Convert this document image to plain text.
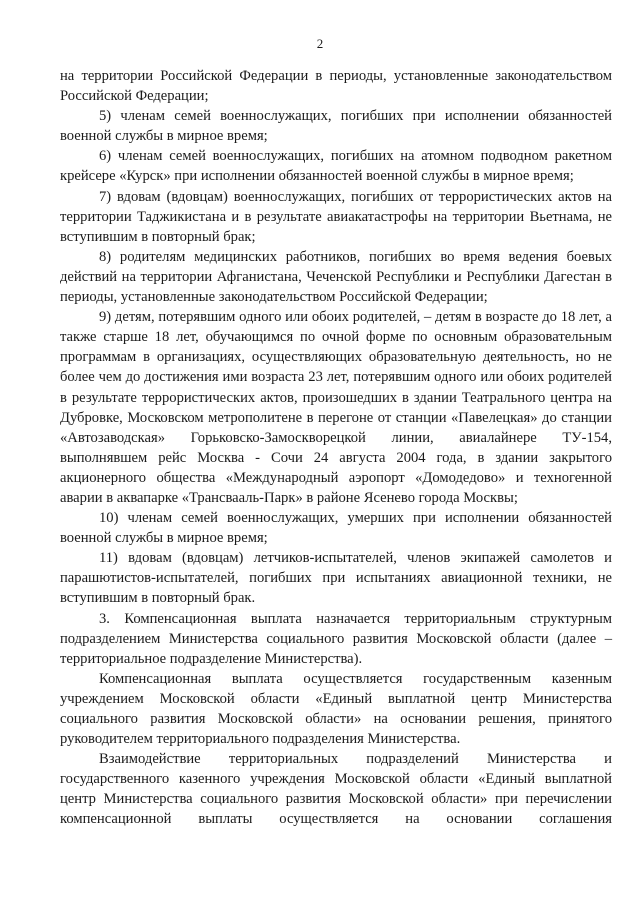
2

на территории Российской Федерации в периоды, установленные законодательством Российской Федерации;

5) членам семей военнослужащих, погибших при исполнении обязанностей военной службы в мирное время;

6) членам семей военнослужащих, погибших на атомном подводном ракетном крейсере «Курск» при исполнении обязанностей военной службы в мирное время;

7) вдовам (вдовцам) военнослужащих, погибших от террористических актов на территории Таджикистана и в результате авиакатастрофы на территории Вьетнама, не вступившим в повторный брак;

8) родителям медицинских работников, погибших во время ведения боевых действий на территории Афганистана, Чеченской Республики и Республики Дагестан в периоды, установленные законодательством Российской Федерации;

9) детям, потерявшим одного или обоих родителей, – детям в возрасте до 18 лет, а также старше 18 лет, обучающимся по очной форме по основным образовательным программам в организациях, осуществляющих образовательную деятельность, но не более чем до достижения ими возраста 23 лет, потерявшим одного или обоих родителей в результате террористических актов, произошедших в здании Театрального центра на Дубровке, Московском метрополитене в перегоне от станции «Павелецкая» до станции «Автозаводская» Горьковско-Замоскворецкой линии, авиалайнере ТУ-154, выполнявшем рейс Москва - Сочи 24 августа 2004 года, в здании закрытого акционерного общества «Международный аэропорт «Домодедово» и техногенной аварии в аквапарке «Трансвааль-Парк» в районе Ясенево города Москвы;

10) членам семей военнослужащих, умерших при исполнении обязанностей военной службы в мирное время;

11) вдовам (вдовцам) летчиков-испытателей, членов экипажей самолетов и парашютистов-испытателей, погибших при испытаниях авиационной техники, не вступившим в повторный брак.

3. Компенсационная выплата назначается территориальным структурным подразделением Министерства социального развития Московской области (далее – территориальное подразделение Министерства).

Компенсационная выплата осуществляется государственным казенным учреждением Московской области «Единый выплатной центр Министерства социального развития Московской области» на основании решения, принятого руководителем территориального подразделения Министерства.

Взаимодействие территориальных подразделений Министерства и государственного казенного учреждения Московской области «Единый выплатной центр Министерства социального развития Московской области» при перечислении компенсационной выплаты осуществляется на основании соглашения
